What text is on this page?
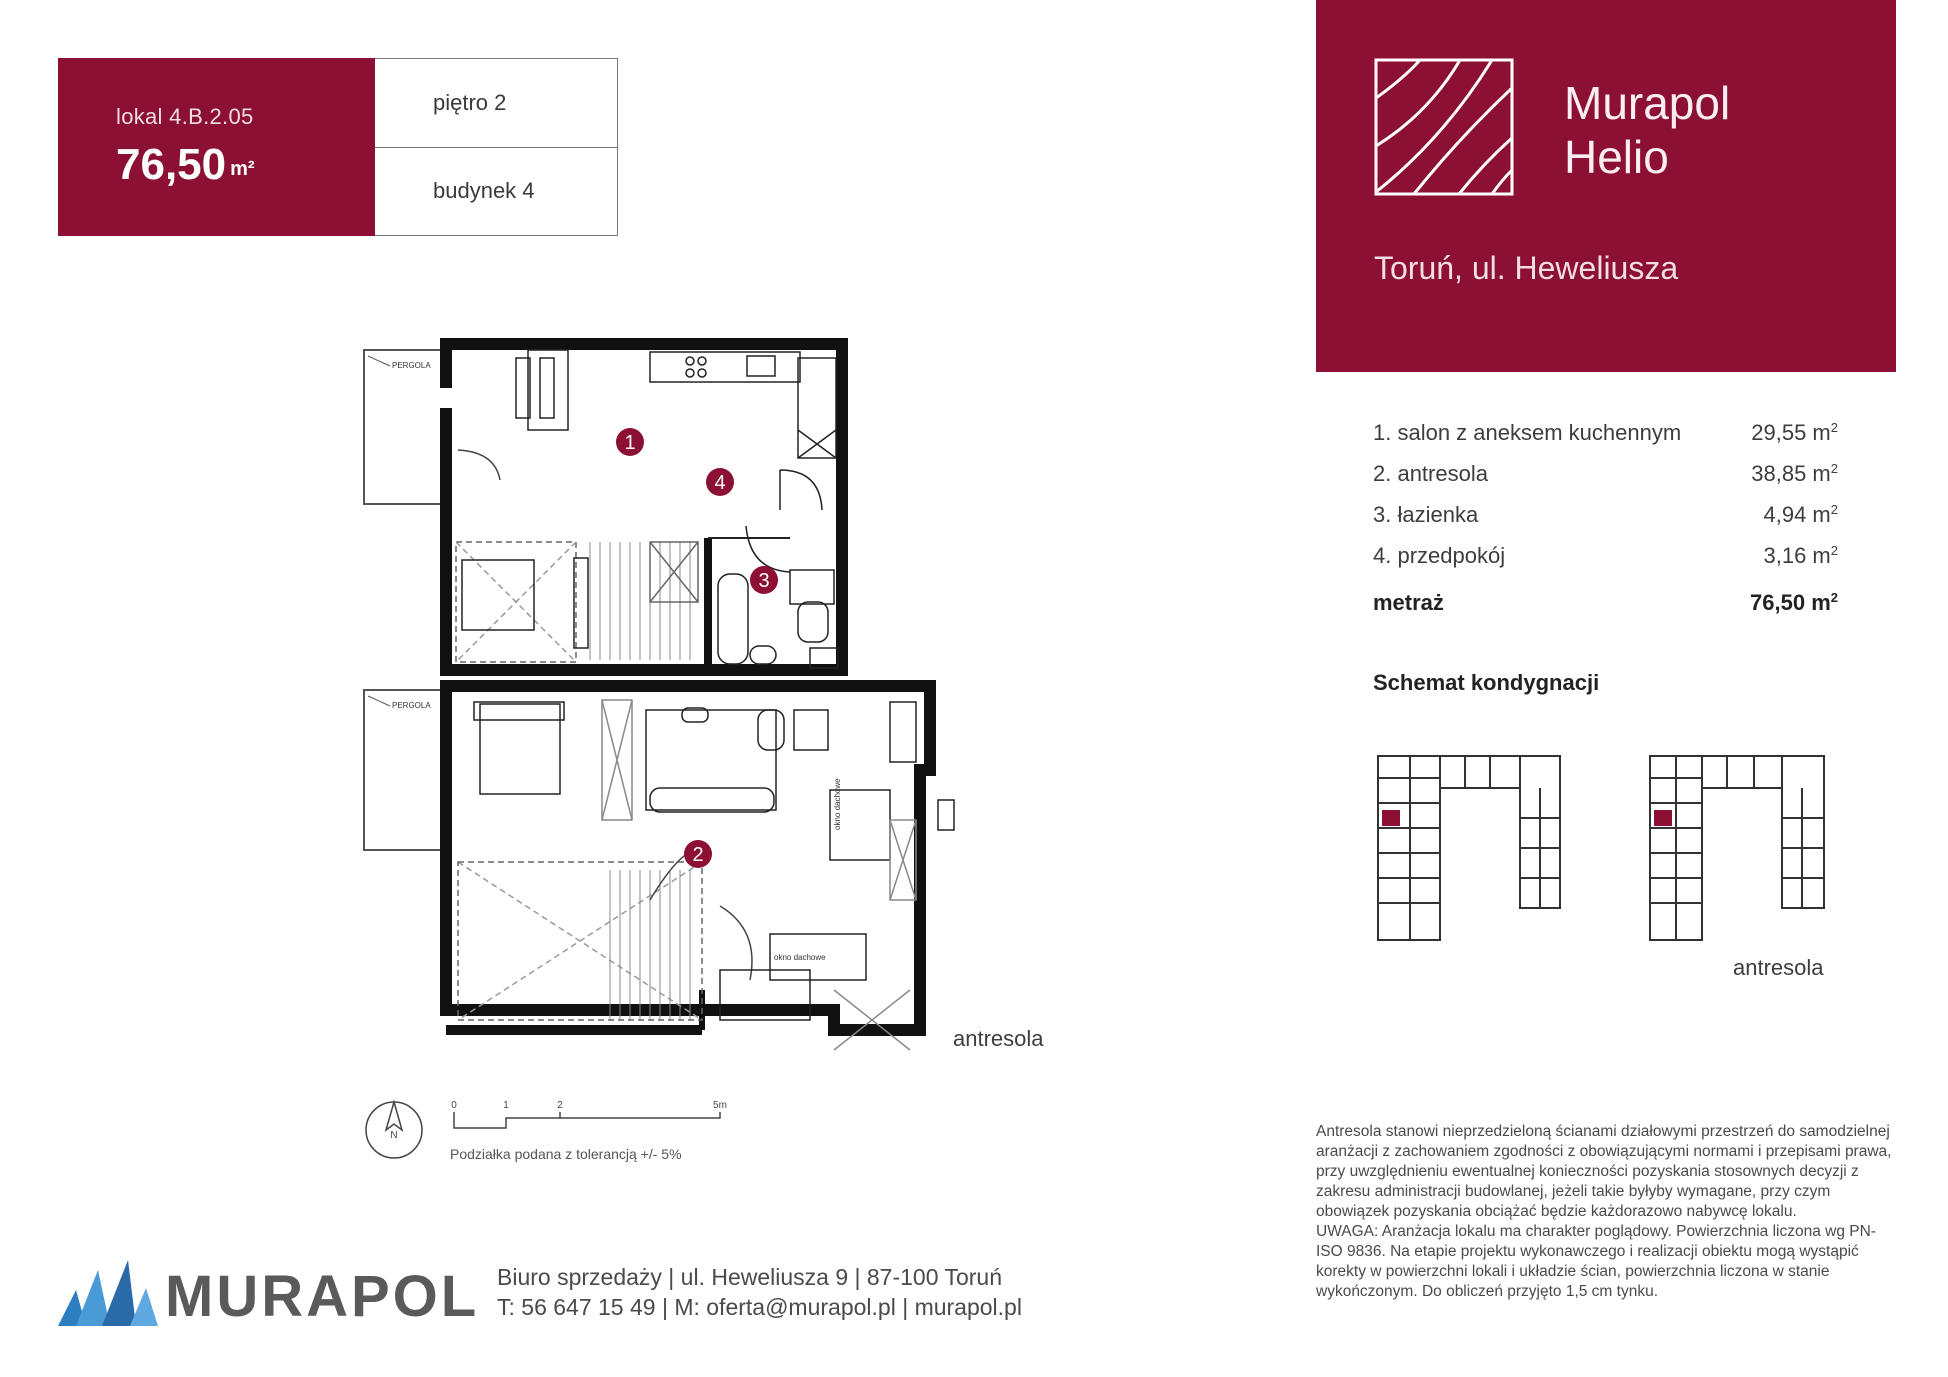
lokal 4.B.2.05
76,50 $^{m^2}$
piętro 2
budynek 4
Murapol
Helio
Toruń, ul. Heweliusza
1. salon z aneksem kuchennym	29,55 $m^2$
2. antresola	38,85 $m^2$
3. łazienka	4,94 $m^2$
4. przedpokój	3,16 $m^2$
metraż	76,50 $m^2$
Schemat kondygnacji
antresola
PERGOLA
1
4
3
PERGOLA
okno dachowe
okno dachowe
2
antresola
N
0	1	2	5m
Podziałka podana z tolerancją +/- 5%
MURAPOL Biuro sprzedaży | ul. Heweliusza 9 | 87-100 Toruń
T: 56 647 15 49 | M: oferta@murapol.pl | murapol.pl

Antresola stanowi nieprzedzieloną ścianami działowymi przestrzeń do samodzielnej aranżacji z zachowaniem zgodności z obowiązującymi normami i przepisami prawa, przy uwzględnieniu ewentualnej konieczności pozyskania stosownych decyzji z zakresu administracji budowlanej, jeżeli takie byłyby wymagane, przy czym obowiązek pozyskania obciążać będzie każdorazowo nabywcę lokalu.

UWAGA: Aranżacja lokalu ma charakter poglądowy. Powierzchnia liczona wg PN-ISO 9836. Na etapie projektu wykonawczego i realizacji obiektu mogą wystąpić korekty w powierzchni lokali i układzie ścian, powierzchnia liczona w stanie wykończonym. Do obliczeń przyjęto 1,5 cm tynku.
